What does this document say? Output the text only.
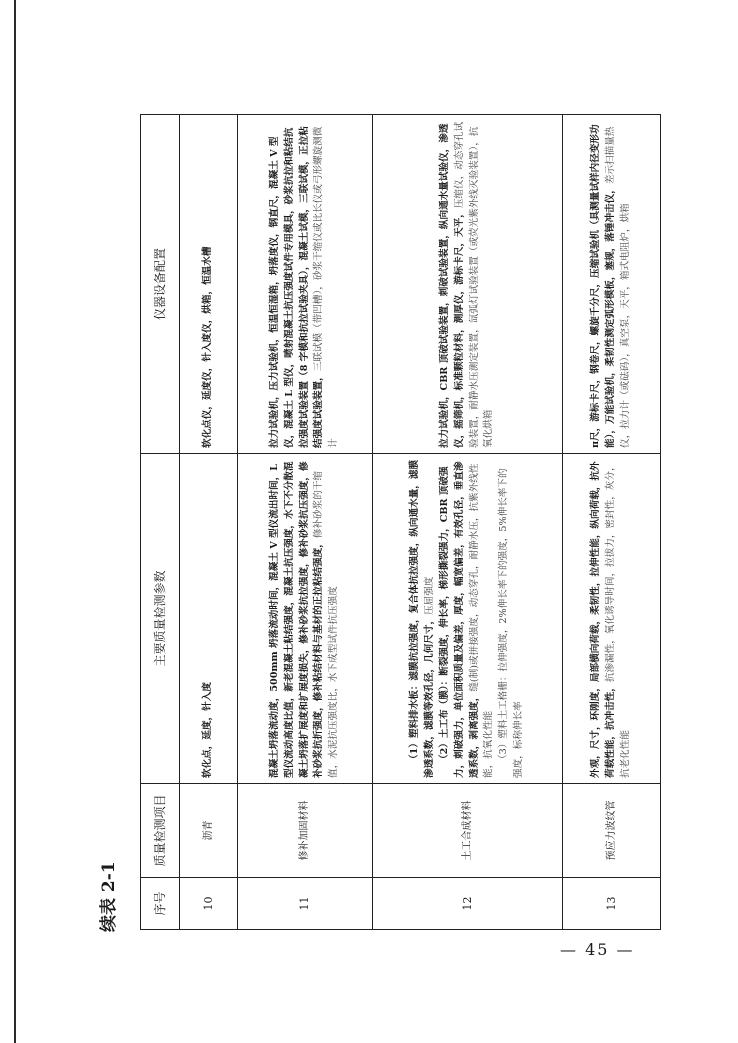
续表 2-1	序号	质量检测项目	主要质量检测参数	仪器设备配置
10	沥青	软化点，延度，针入度	软化点仪，延度仪，针入度仪，烘箱，恒温水槽
11	修补加固材料	混凝土坍落流动度，500mm 坍落流动时间，混凝土 V 型仪流出时间，L 型仪流动高度比值，新老混凝土粘结强度，混凝土抗压强度，水下不分散混凝土坍落扩展度和扩展度损失，修补砂浆抗拉强度，修补砂浆抗压强度，修补砂浆抗折强度，修补粘结材料与基材的正拉粘结强度，修补砂浆的干缩值，水泥抗压强度比，水下成型试件抗压强度	拉力试验机，压力试验机，恒温恒湿箱，坍落度仪，钢直尺，混凝土 V 型仪，混凝土 L 型仪，喷射混凝土抗压强度试件专用模具，砂浆抗拉和粘结抗拉强度试验装置（8 字模和抗拉试验夹具），混凝土试模，三联试模，正拉粘结强度试验装置，三联试模（带凹槽），砂浆干缩仪或比长仪或弓形螺旋测微计
12	土工合成材料	（1）塑料排水板：滤膜抗拉强度，复合体抗拉强度，纵向通水量，滤膜渗透系数，滤膜等效孔径，几何尺寸，压屈强度 （2）土工布（膜）：断裂强度，伸长率，梯形撕裂强力，CBR 顶破强力，刺破强力，单位面积质量及偏差，厚度，幅宽偏差，有效孔径，垂直渗透系数，剥离强度，缝(制)或拼接强度，动态穿孔，耐静水压，抗紫外线性能，抗氧化性能 （3）塑料土工格栅：拉伸强度，2%伸长率下的强度，5%伸长率下的强度，标称伸长率	拉力试验机，CBR 顶破试验装置，刺破试验装置，纵向通水量试验仪，渗透仪，摇筛机，标准颗粒材料，测厚仪，游标卡尺，天平，压缩仪，动态穿孔试验装置，耐静水压测定装置，氙弧灯试验装置（或荧光紫外线灭验装置），抗氧化烘箱
13	预应力波纹管	外观，尺寸，环刚度，局部横向荷载，柔韧性，拉伸性能，纵向荷载，抗外荷载性能，抗冲击性，抗渗漏性，氧化诱导时间，拉拔力，密封性，灰分，抗老化性能	π尺，游标卡尺，钢卷尺，螺旋千分尺，压缩试验机（具测量试样内径变形功能），万能试验机，柔韧性测定弧形模板，塞规，落锤冲击仪，差示扫描量热仪，拉力计（或砝码），真空泵，天平，箱式电阻炉，烘箱
— 45 —
